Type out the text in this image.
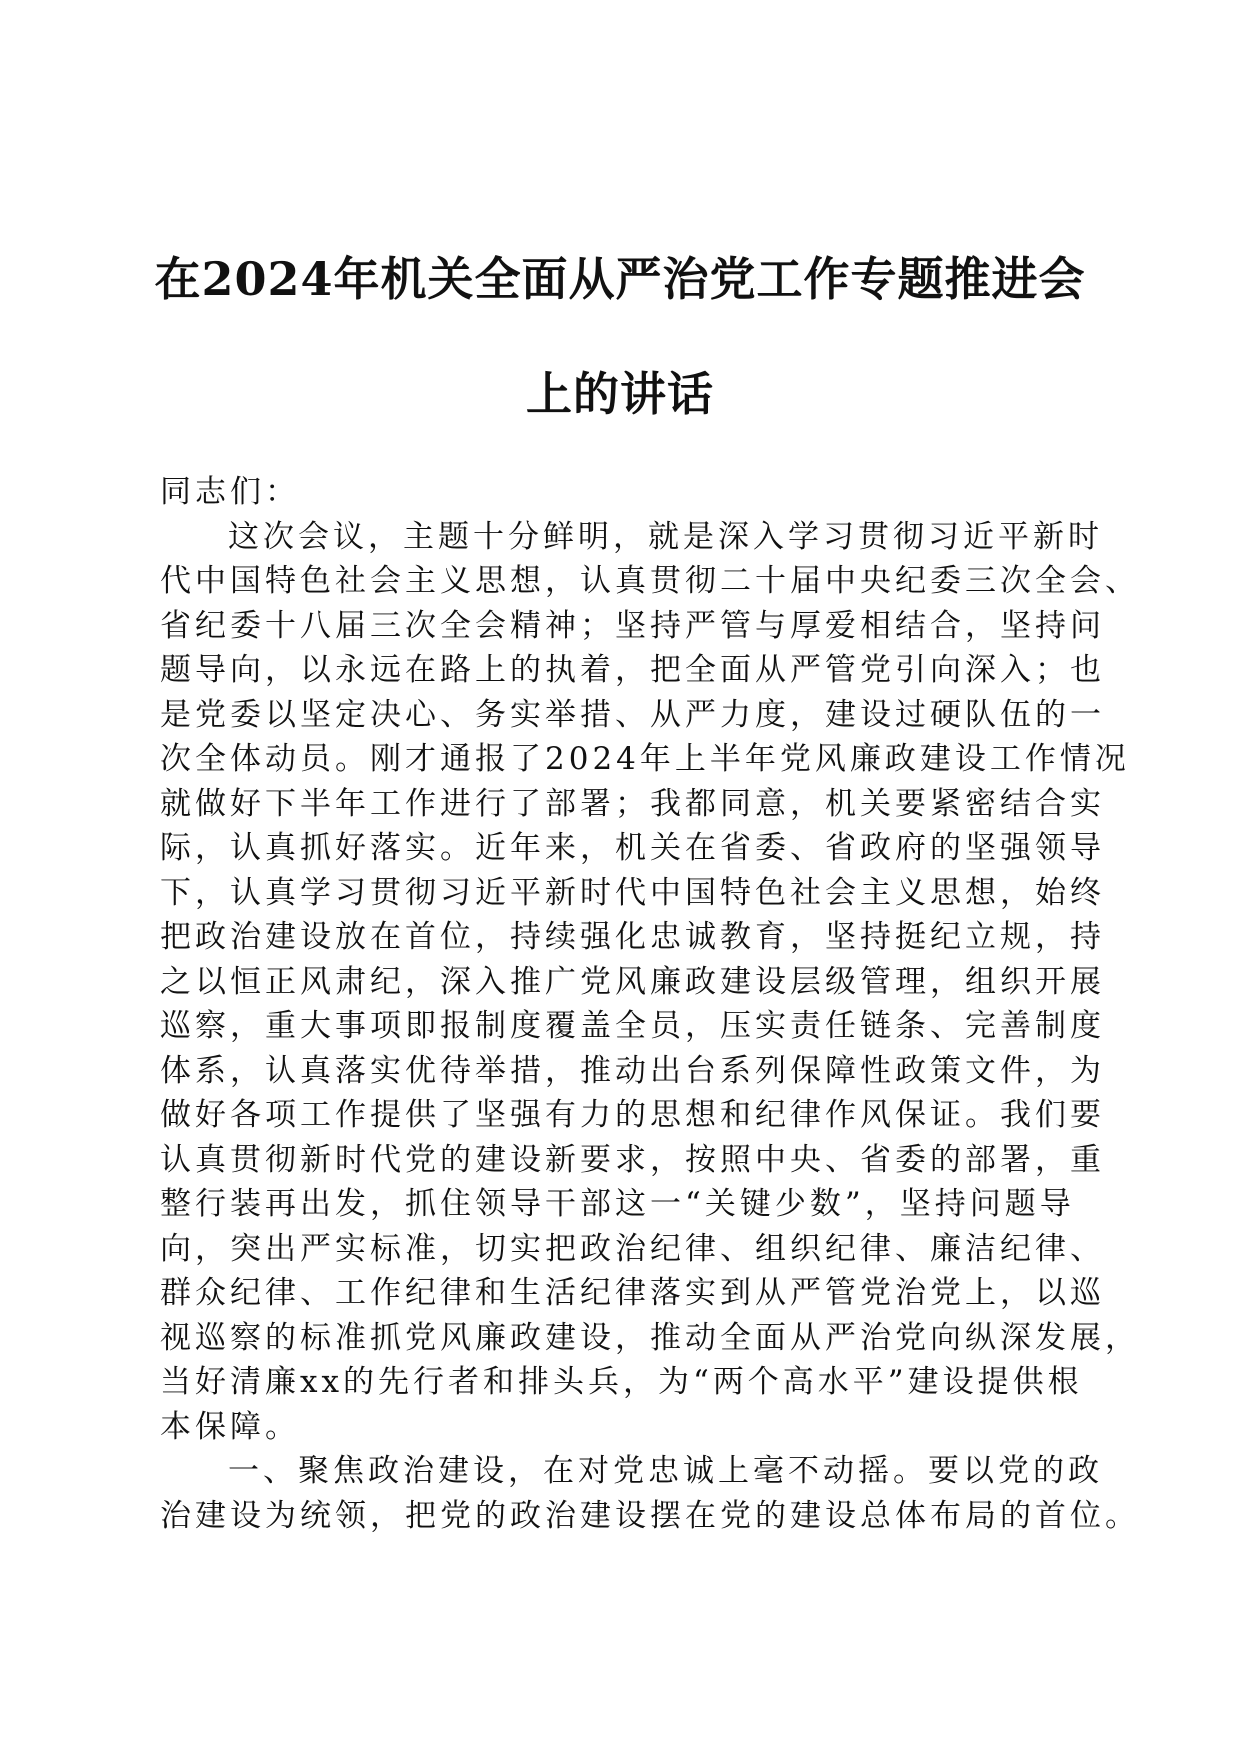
在2024年机关全面从严治党工作专题推进会
上的讲话
同志们：
这次会议，主题十分鲜明，就是深入学习贯彻习近平新时
代中国特色社会主义思想，认真贯彻二十届中央纪委三次全会、
省纪委十八届三次全会精神；坚持严管与厚爱相结合，坚持问
题导向，以永远在路上的执着，把全面从严管党引向深入；也
是党委以坚定决心、务实举措、从严力度，建设过硬队伍的一
次全体动员。刚才通报了2024年上半年党风廉政建设工作情况
就做好下半年工作进行了部署；我都同意，机关要紧密结合实
际，认真抓好落实。近年来，机关在省委、省政府的坚强领导
下，认真学习贯彻习近平新时代中国特色社会主义思想，始终
把政治建设放在首位，持续强化忠诚教育，坚持挺纪立规，持
之以恒正风肃纪，深入推广党风廉政建设层级管理，组织开展
巡察，重大事项即报制度覆盖全员，压实责任链条、完善制度
体系，认真落实优待举措，推动出台系列保障性政策文件，为
做好各项工作提供了坚强有力的思想和纪律作风保证。我们要
认真贯彻新时代党的建设新要求，按照中央、省委的部署，重
整行装再出发，抓住领导干部这一“关键少数”，坚持问题导
向，突出严实标准，切实把政治纪律、组织纪律、廉洁纪律、
群众纪律、工作纪律和生活纪律落实到从严管党治党上，以巡
视巡察的标准抓党风廉政建设，推动全面从严治党向纵深发展，
当好清廉xx的先行者和排头兵，为“两个高水平”建设提供根
本保障。
一、聚焦政治建设，在对党忠诚上毫不动摇。要以党的政
治建设为统领，把党的政治建设摆在党的建设总体布局的首位。
